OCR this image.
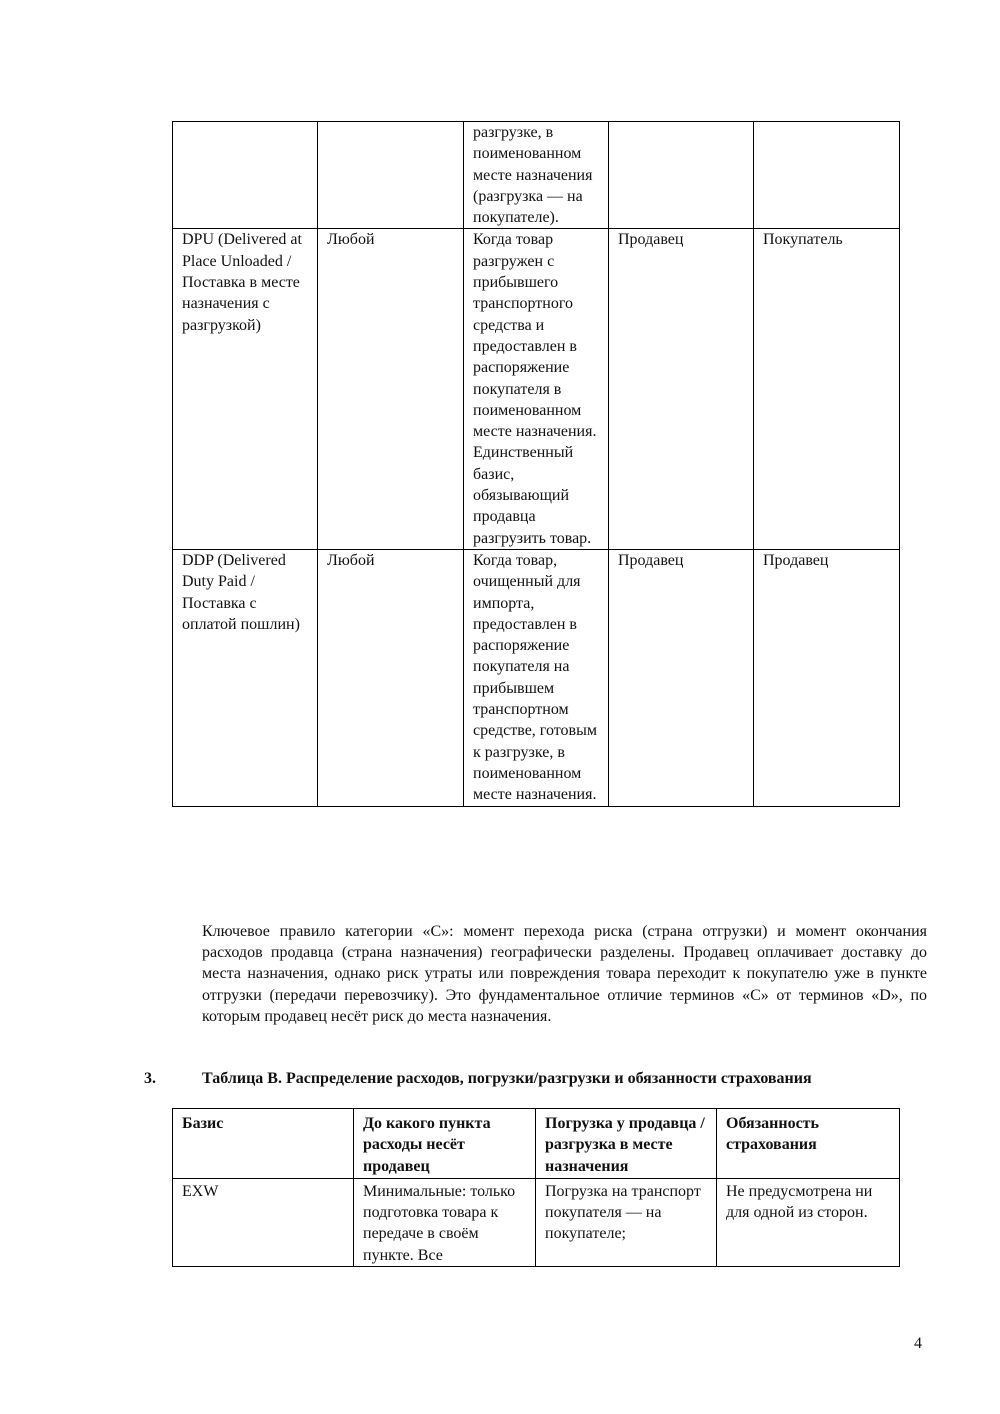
		разгрузке, в поименованном месте назначения (разгрузка — на покупателе).		
DPU (Delivered at Place Unloaded / Поставка в месте назначения с разгрузкой)	Любой	Когда товар разгружен с прибывшего транспортного средства и предоставлен в распоряжение покупателя в поименованном месте назначения. Единственный базис, обязывающий продавца разгрузить товар.	Продавец	Покупатель
DDP (Delivered Duty Paid / Поставка с оплатой пошлин)	Любой	Когда товар, очищенный для импорта, предоставлен в распоряжение покупателя на прибывшем транспортном средстве, готовым к разгрузке, в поименованном месте назначения.	Продавец	Продавец

Ключевое правило категории «C»: момент перехода риска (страна отгрузки) и момент окончания расходов продавца (страна назначения) географически разделены. Продавец оплачивает доставку до места назначения, однако риск утраты или повреждения товара переходит к покупателю уже в пункте отгрузки (передачи перевозчику). Это фундаментальное отличие терминов «C» от терминов «D», по которым продавец несёт риск до места назначения.

3.	Таблица B. Распределение расходов, погрузки/разгрузки и обязанности страхования
Базис	До какого пункта расходы несёт продавец	Погрузка у продавца / разгрузка в месте назначения	Обязанность страхования
EXW	Минимальные: только подготовка товара к передаче в своём пункте. Все	Погрузка на транспорт покупателя — на покупателе;	Не предусмотрена ни для одной из сторон.
4
